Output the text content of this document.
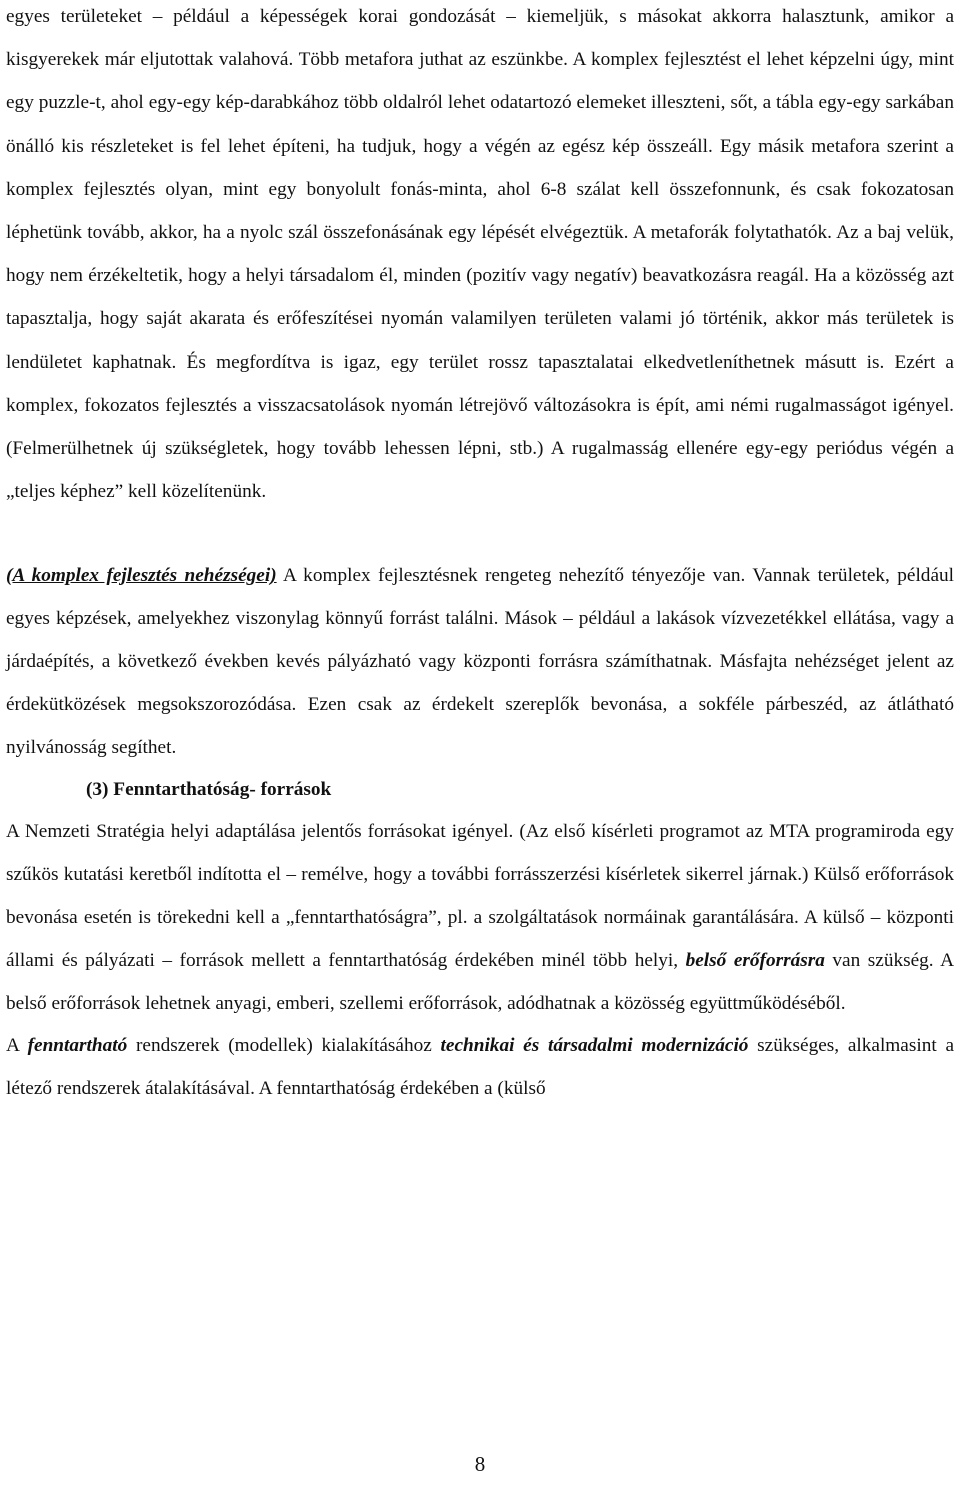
egyes területeket – például a képességek korai gondozását – kiemeljük, s másokat akkorra halasztunk, amikor a kisgyerekek már eljutottak valahová. Több metafora juthat az eszünkbe. A komplex fejlesztést el lehet képzelni úgy, mint egy puzzle-t, ahol egy-egy kép-darabkához több oldalról lehet odatartozó elemeket illeszteni, sőt, a tábla egy-egy sarkában önálló kis részleteket is fel lehet építeni, ha tudjuk, hogy a végén az egész kép összeáll. Egy másik metafora szerint a komplex fejlesztés olyan, mint egy bonyolult fonás-minta, ahol 6-8 szálat kell összefonnunk, és csak fokozatosan léphetünk tovább, akkor, ha a nyolc szál összefonásának egy lépését elvégeztük. A metaforák folytathatók. Az a baj velük, hogy nem érzékeltetik, hogy a helyi társadalom él, minden (pozitív vagy negatív) beavatkozásra reagál. Ha a közösség azt tapasztalja, hogy saját akarata és erőfeszítései nyomán valamilyen területen valami jó történik, akkor más területek is lendületet kaphatnak. És megfordítva is igaz, egy terület rossz tapasztalatai elkedvetleníthetnek másutt is. Ezért a komplex, fokozatos fejlesztés a visszacsatolások nyomán létrejövő változásokra is épít, ami némi rugalmasságot igényel. (Felmerülhetnek új szükségletek, hogy tovább lehessen lépni, stb.) A rugalmasság ellenére egy-egy periódus végén a „teljes képhez” kell közelítenünk.

(A komplex fejlesztés nehézségei) A komplex fejlesztésnek rengeteg nehezítő tényezője van. Vannak területek, például egyes képzések, amelyekhez viszonylag könnyű forrást találni. Mások – például a lakások vízvezetékkel ellátása, vagy a járdaépítés, a következő években kevés pályázható vagy központi forrásra számíthatnak. Másfajta nehézséget jelent az érdekütközések megsokszorozódása. Ezen csak az érdekelt szereplők bevonása, a sokféle párbeszéd, az átlátható nyilvánosság segíthet.

(3) Fenntarthatóság- források

A Nemzeti Stratégia helyi adaptálása jelentős forrásokat igényel. (Az első kísérleti programot az MTA programiroda egy szűkös kutatási keretből indította el – remélve, hogy a további forrásszerzési kísérletek sikerrel járnak.) Külső erőforrások bevonása esetén is törekedni kell a „fenntarthatóságra”, pl. a szolgáltatások normáinak garantálására. A külső – központi állami és pályázati – források mellett a fenntarthatóság érdekében minél több helyi, belső erőforrásra van szükség. A belső erőforrások lehetnek anyagi, emberi, szellemi erőforrások, adódhatnak a közösség együttműködéséből.

A fenntartható rendszerek (modellek) kialakításához technikai és társadalmi modernizáció szükséges, alkalmasint a létező rendszerek átalakításával. A fenntarthatóság érdekében a (külső

8
